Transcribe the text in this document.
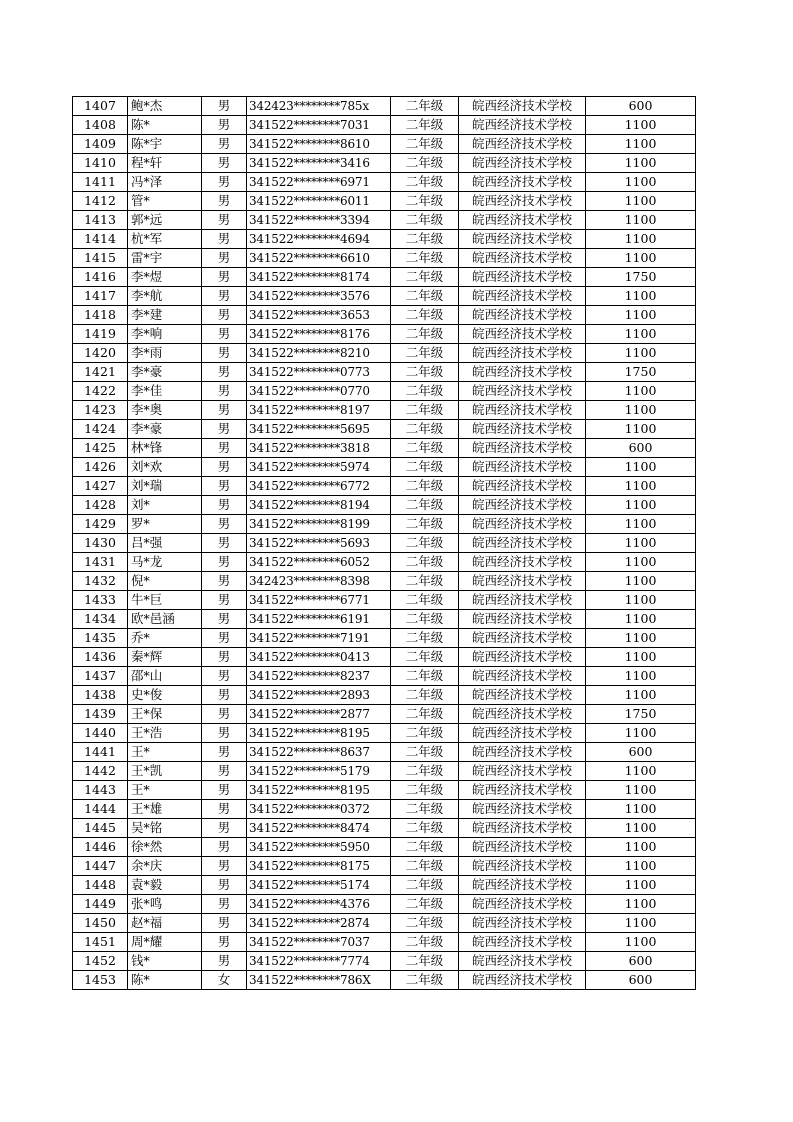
1407	鲍*杰	男	342423********785x	二年级	皖西经济技术学校	600
1408	陈*	男	341522********7031	二年级	皖西经济技术学校	1100
1409	陈*宇	男	341522********8610	二年级	皖西经济技术学校	1100
1410	程*轩	男	341522********3416	二年级	皖西经济技术学校	1100
1411	冯*泽	男	341522********6971	二年级	皖西经济技术学校	1100
1412	管*	男	341522********6011	二年级	皖西经济技术学校	1100
1413	郭*远	男	341522********3394	二年级	皖西经济技术学校	1100
1414	杭*军	男	341522********4694	二年级	皖西经济技术学校	1100
1415	雷*宇	男	341522********6610	二年级	皖西经济技术学校	1100
1416	李*煜	男	341522********8174	二年级	皖西经济技术学校	1750
1417	李*航	男	341522********3576	二年级	皖西经济技术学校	1100
1418	李*建	男	341522********3653	二年级	皖西经济技术学校	1100
1419	李*响	男	341522********8176	二年级	皖西经济技术学校	1100
1420	李*雨	男	341522********8210	二年级	皖西经济技术学校	1100
1421	李*豪	男	341522********0773	二年级	皖西经济技术学校	1750
1422	李*佳	男	341522********0770	二年级	皖西经济技术学校	1100
1423	李*奥	男	341522********8197	二年级	皖西经济技术学校	1100
1424	李*豪	男	341522********5695	二年级	皖西经济技术学校	1100
1425	林*锋	男	341522********3818	二年级	皖西经济技术学校	600
1426	刘*欢	男	341522********5974	二年级	皖西经济技术学校	1100
1427	刘*瑞	男	341522********6772	二年级	皖西经济技术学校	1100
1428	刘*	男	341522********8194	二年级	皖西经济技术学校	1100
1429	罗*	男	341522********8199	二年级	皖西经济技术学校	1100
1430	吕*强	男	341522********5693	二年级	皖西经济技术学校	1100
1431	马*龙	男	341522********6052	二年级	皖西经济技术学校	1100
1432	倪*	男	342423********8398	二年级	皖西经济技术学校	1100
1433	牛*巨	男	341522********6771	二年级	皖西经济技术学校	1100
1434	欧*邑涵	男	341522********6191	二年级	皖西经济技术学校	1100
1435	乔*	男	341522********7191	二年级	皖西经济技术学校	1100
1436	秦*辉	男	341522********0413	二年级	皖西经济技术学校	1100
1437	邵*山	男	341522********8237	二年级	皖西经济技术学校	1100
1438	史*俊	男	341522********2893	二年级	皖西经济技术学校	1100
1439	王*保	男	341522********2877	二年级	皖西经济技术学校	1750
1440	王*浩	男	341522********8195	二年级	皖西经济技术学校	1100
1441	王*	男	341522********8637	二年级	皖西经济技术学校	600
1442	王*凯	男	341522********5179	二年级	皖西经济技术学校	1100
1443	王*	男	341522********8195	二年级	皖西经济技术学校	1100
1444	王*雄	男	341522********0372	二年级	皖西经济技术学校	1100
1445	吴*铭	男	341522********8474	二年级	皖西经济技术学校	1100
1446	徐*然	男	341522********5950	二年级	皖西经济技术学校	1100
1447	余*庆	男	341522********8175	二年级	皖西经济技术学校	1100
1448	袁*毅	男	341522********5174	二年级	皖西经济技术学校	1100
1449	张*鸣	男	341522********4376	二年级	皖西经济技术学校	1100
1450	赵*福	男	341522********2874	二年级	皖西经济技术学校	1100
1451	周*耀	男	341522********7037	二年级	皖西经济技术学校	1100
1452	钱*	男	341522********7774	二年级	皖西经济技术学校	600
1453	陈*	女	341522********786X	二年级	皖西经济技术学校	600
